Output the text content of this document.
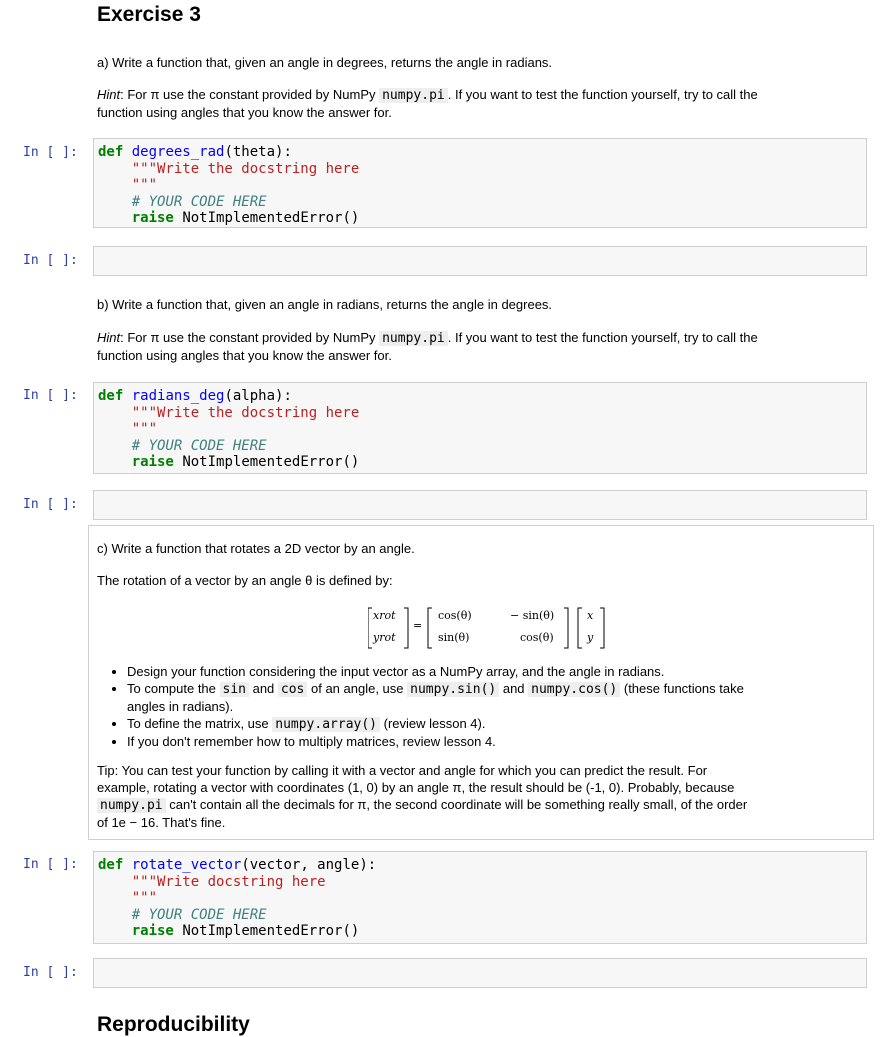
Exercise 3

a) Write a function that, given an angle in degrees, returns the angle in radians.

Hint: For π use the constant provided by NumPy numpy.pi . If you want to test the function yourself, try to call the

function using angles that you know the answer for.

In [ ]: def degrees_rad(theta):
"""Write the docstring here
"""
# YOUR CODE HERE
raise NotImplementedError()
In [ ]:

b) Write a function that, given an angle in radians, returns the angle in degrees.

Hint: For π use the constant provided by NumPy numpy.pi . If you want to test the function yourself, try to call the

function using angles that you know the answer for.

In [ ]: def radians_deg(alpha):
"""Write the docstring here
"""
# YOUR CODE HERE
raise NotImplementedError()
In [ ]:

c) Write a function that rotates a 2D vector by an angle.

The rotation of a vector by an angle θ is defined by:

xrot
yrot
=
cos(θ)	− sin(θ)
sin(θ)	cos(θ)
x
y
• Design your function considering the input vector as a NumPy array, and the angle in radians.
• To compute the sin and cos of an angle, use numpy.sin() and numpy.cos() (these functions take
angles in radians).
• To define the matrix, use numpy.array() (review lesson 4).
• If you don't remember how to multiply matrices, review lesson 4.

Tip: You can test your function by calling it with a vector and angle for which you can predict the result. For

example, rotating a vector with coordinates (1, 0) by an angle π, the result should be (-1, 0). Probably, because

numpy.pi can't contain all the decimals for π, the second coordinate will be something really small, of the order

of 1e − 16. That's fine.

In [ ]: def rotate_vector(vector, angle):
"""Write docstring here
"""
# YOUR CODE HERE
raise NotImplementedError()
In [ ]:
Reproducibility
